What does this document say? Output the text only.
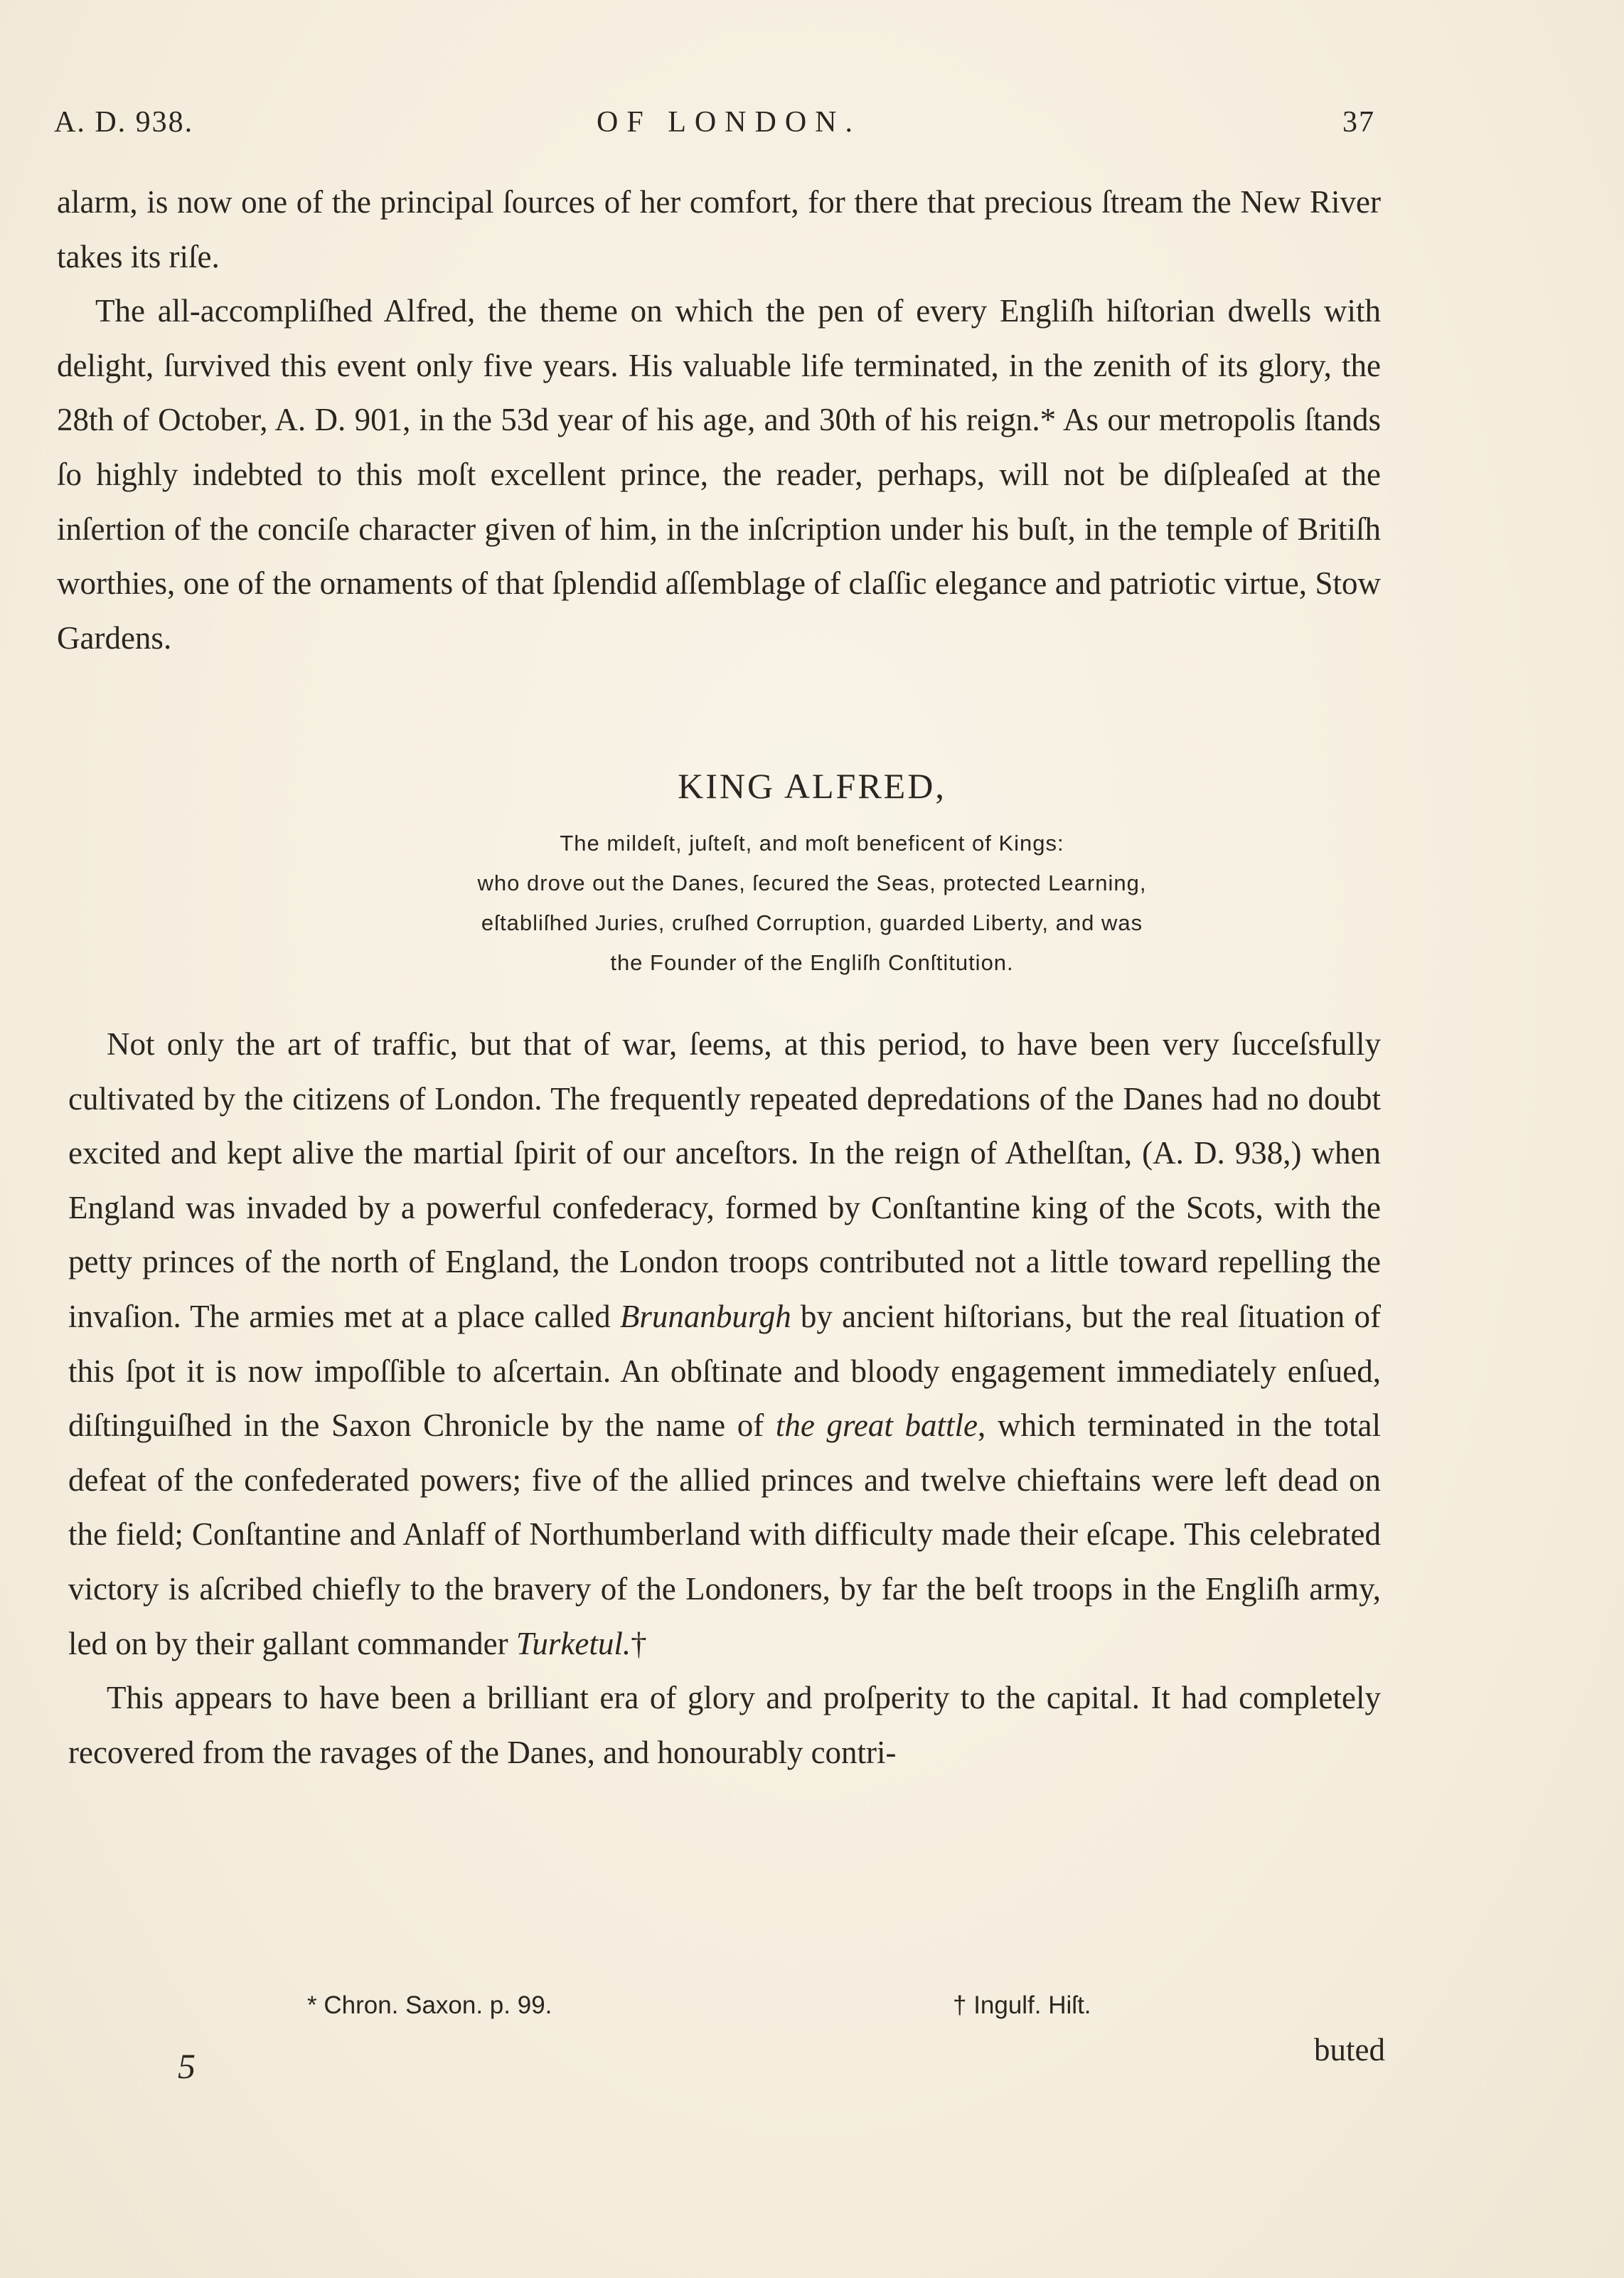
A. D. 938.	OF LONDON.	37

alarm, is now one of the principal ſources of her comfort, for there that precious ſtream the New River takes its riſe.

The all-accompliſhed Alfred, the theme on which the pen of every Engliſh hiſtorian dwells with delight, ſurvived this event only five years. His valuable life terminated, in the zenith of its glory, the 28th of October, A. D. 901, in the 53d year of his age, and 30th of his reign.* As our metropolis ſtands ſo highly indebted to this moſt excellent prince, the reader, perhaps, will not be diſpleaſed at the inſertion of the conciſe character given of him, in the inſcription under his buſt, in the temple of Britiſh worthies, one of the ornaments of that ſplendid aſſemblage of claſſic elegance and patriotic virtue, Stow Gardens.

KING ALFRED,
The mildeſt, juſteſt, and moſt beneficent of Kings:
who drove out the Danes, ſecured the Seas, protected Learning,
eſtabliſhed Juries, cruſhed Corruption, guarded Liberty, and was
the Founder of the Engliſh Conſtitution.

Not only the art of traffic, but that of war, ſeems, at this period, to have been very ſucceſsfully cultivated by the citizens of London. The frequently repeated depredations of the Danes had no doubt excited and kept alive the martial ſpirit of our anceſtors. In the reign of Athelſtan, (A. D. 938,) when England was invaded by a powerful confederacy, formed by Conſtantine king of the Scots, with the petty princes of the north of England, the London troops contributed not a little toward repelling the invaſion. The armies met at a place called Brunanburgh by ancient hiſtorians, but the real ſituation of this ſpot it is now impoſſible to aſcertain. An obſtinate and bloody engagement immediately enſued, diſtinguiſhed in the Saxon Chronicle by the name of the great battle, which terminated in the total defeat of the confederated powers; five of the allied princes and twelve chieftains were left dead on the field; Conſtantine and Anlaff of Northumberland with difficulty made their eſcape. This celebrated victory is aſcribed chiefly to the bravery of the Londoners, by far the beſt troops in the Engliſh army, led on by their gallant commander Turketul.†

This appears to have been a brilliant era of glory and proſperity to the capital. It had completely recovered from the ravages of the Danes, and honourably contri-

* Chron. Saxon. p. 99.	† Ingulf. Hiſt.
5	buted
